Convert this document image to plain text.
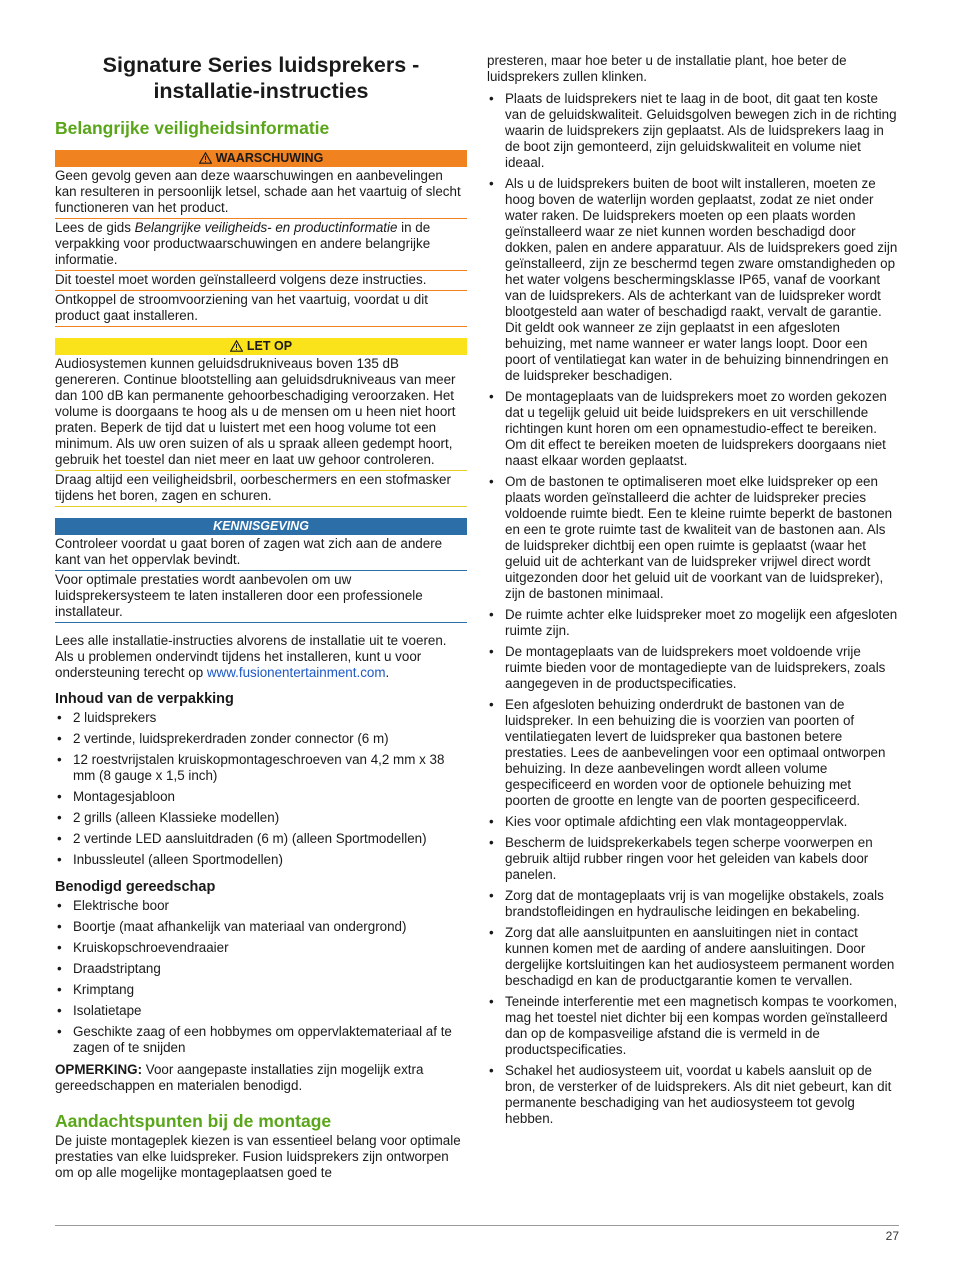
Signature Series luidsprekers - installatie-instructies
Belangrijke veiligheidsinformatie
WAARSCHUWING

Geen gevolg geven aan deze waarschuwingen en aanbevelingen kan resulteren in persoonlijk letsel, schade aan het vaartuig of slecht functioneren van het product.

Lees de gids Belangrijke veiligheids- en productinformatie in de verpakking voor productwaarschuwingen en andere belangrijke informatie.

Dit toestel moet worden geïnstalleerd volgens deze instructies.

Ontkoppel de stroomvoorziening van het vaartuig, voordat u dit product gaat installeren.

LET OP

Audiosystemen kunnen geluidsdrukniveaus boven 135 dB genereren. Continue blootstelling aan geluidsdrukniveaus van meer dan 100 dB kan permanente gehoorbeschadiging veroorzaken. Het volume is doorgaans te hoog als u de mensen om u heen niet hoort praten. Beperk de tijd dat u luistert met een hoog volume tot een minimum. Als uw oren suizen of als u spraak alleen gedempt hoort, gebruik het toestel dan niet meer en laat uw gehoor controleren.

Draag altijd een veiligheidsbril, oorbeschermers en een stofmasker tijdens het boren, zagen en schuren.

KENNISGEVING

Controleer voordat u gaat boren of zagen wat zich aan de andere kant van het oppervlak bevindt.

Voor optimale prestaties wordt aanbevolen om uw luidsprekersysteem te laten installeren door een professionele installateur.

Lees alle installatie-instructies alvorens de installatie uit te voeren. Als u problemen ondervindt tijdens het installeren, kunt u voor ondersteuning terecht op www.fusionentertainment.com.

Inhoud van de verpakking
• 2 luidsprekers
• 2 vertinde, luidsprekerdraden zonder connector (6 m)
• 12 roestvrijstalen kruiskopmontageschroeven van 4,2 mm x 38 mm (8 gauge x 1,5 inch)
• Montagesjabloon
• 2 grills (alleen Klassieke modellen)
• 2 vertinde LED aansluitdraden (6 m) (alleen Sportmodellen)
• Inbussleutel (alleen Sportmodellen)
Benodigd gereedschap
• Elektrische boor
• Boortje (maat afhankelijk van materiaal van ondergrond)
• Kruiskopschroevendraaier
• Draadstriptang
• Krimptang
• Isolatietape
• Geschikte zaag of een hobbymes om oppervlaktemateriaal af te zagen of te snijden

OPMERKING: Voor aangepaste installaties zijn mogelijk extra gereedschappen en materialen benodigd.

Aandachtspunten bij de montage

De juiste montageplek kiezen is van essentieel belang voor optimale prestaties van elke luidspreker. Fusion luidsprekers zijn ontworpen om op alle mogelijke montageplaatsen goed te

presteren, maar hoe beter u de installatie plant, hoe beter de luidsprekers zullen klinken.

• Plaats de luidsprekers niet te laag in de boot, dit gaat ten koste van de geluidskwaliteit. Geluidsgolven bewegen zich in de richting waarin de luidsprekers zijn geplaatst. Als de luidsprekers laag in de boot zijn gemonteerd, zijn geluidskwaliteit en volume niet ideaal.
• Als u de luidsprekers buiten de boot wilt installeren, moeten ze hoog boven de waterlijn worden geplaatst, zodat ze niet onder water raken. De luidsprekers moeten op een plaats worden geïnstalleerd waar ze niet kunnen worden beschadigd door dokken, palen en andere apparatuur. Als de luidsprekers goed zijn geïnstalleerd, zijn ze beschermd tegen zware omstandigheden op het water volgens beschermingsklasse IP65, vanaf de voorkant van de luidsprekers. Als de achterkant van de luidspreker wordt blootgesteld aan water of beschadigd raakt, vervalt de garantie. Dit geldt ook wanneer ze zijn geplaatst in een afgesloten behuizing, met name wanneer er water langs loopt. Door een poort of ventilatiegat kan water in de behuizing binnendringen en de luidspreker beschadigen.
• De montageplaats van de luidsprekers moet zo worden gekozen dat u tegelijk geluid uit beide luidsprekers en uit verschillende richtingen kunt horen om een opnamestudio-effect te bereiken. Om dit effect te bereiken moeten de luidsprekers doorgaans niet naast elkaar worden geplaatst.
• Om de bastonen te optimaliseren moet elke luidspreker op een plaats worden geïnstalleerd die achter de luidspreker precies voldoende ruimte biedt. Een te kleine ruimte beperkt de bastonen en een te grote ruimte tast de kwaliteit van de bastonen aan. Als de luidspreker dichtbij een open ruimte is geplaatst (waar het geluid uit de achterkant van de luidspreker vrijwel direct wordt uitgezonden door het geluid uit de voorkant van de luidspreker), zijn de bastonen minimaal.
• De ruimte achter elke luidspreker moet zo mogelijk een afgesloten ruimte zijn.
• De montageplaats van de luidsprekers moet voldoende vrije ruimte bieden voor de montagediepte van de luidsprekers, zoals aangegeven in de productspecificaties.
• Een afgesloten behuizing onderdrukt de bastonen van de luidspreker. In een behuizing die is voorzien van poorten of ventilatiegaten levert de luidspreker qua bastonen betere prestaties. Lees de aanbevelingen voor een optimaal ontworpen behuizing. In deze aanbevelingen wordt alleen volume gespecificeerd en worden voor de optionele behuizing met poorten de grootte en lengte van de poorten gespecificeerd.
• Kies voor optimale afdichting een vlak montageoppervlak.
• Bescherm de luidsprekerkabels tegen scherpe voorwerpen en gebruik altijd rubber ringen voor het geleiden van kabels door panelen.
• Zorg dat de montageplaats vrij is van mogelijke obstakels, zoals brandstofleidingen en hydraulische leidingen en bekabeling.
• Zorg dat alle aansluitpunten en aansluitingen niet in contact kunnen komen met de aarding of andere aansluitingen. Door dergelijke kortsluitingen kan het audiosysteem permanent worden beschadigd en kan de productgarantie komen te vervallen.
• Teneinde interferentie met een magnetisch kompas te voorkomen, mag het toestel niet dichter bij een kompas worden geïnstalleerd dan op de kompasveilige afstand die is vermeld in de productspecificaties.
• Schakel het audiosysteem uit, voordat u kabels aansluit op de bron, de versterker of de luidsprekers. Als dit niet gebeurt, kan dit permanente beschadiging van het audiosysteem tot gevolg hebben.
27
